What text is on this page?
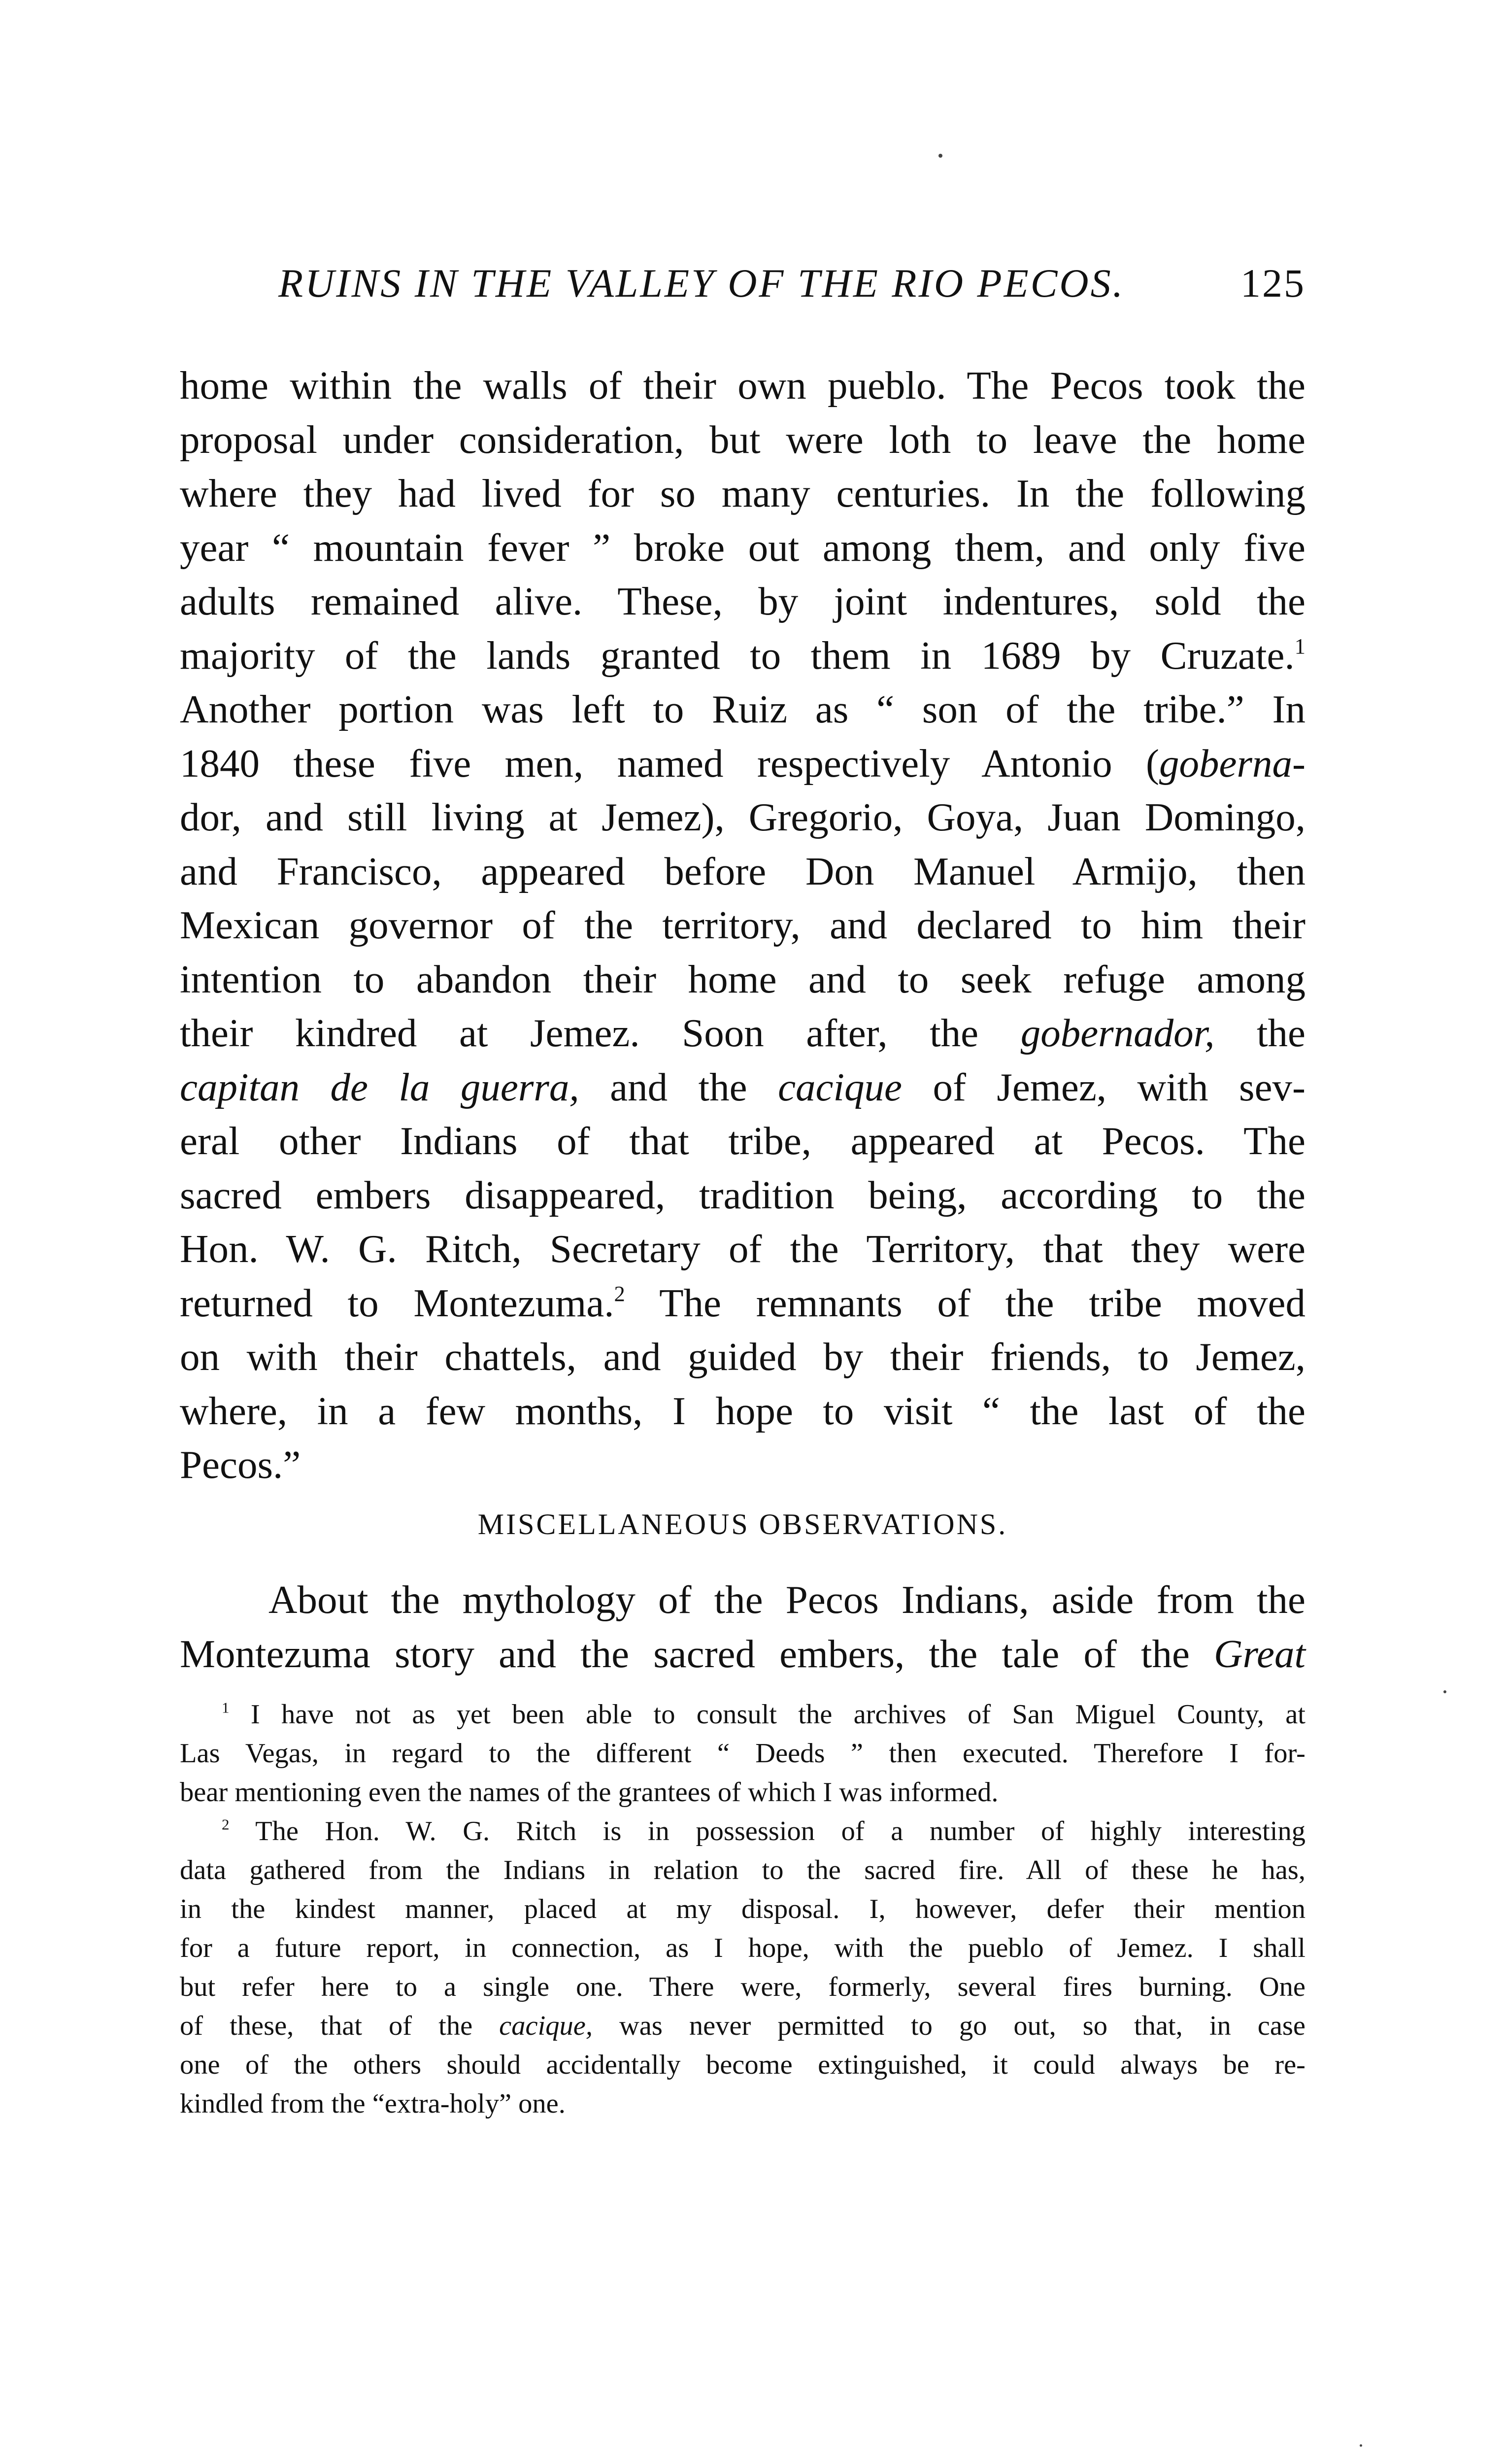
RUINS IN THE VALLEY OF THE RIO PECOS.	125
home within the walls of their own pueblo. The Pecos took the
proposal under consideration, but were loth to leave the home
where they had lived for so many centuries. In the following
year “ mountain fever ” broke out among them, and only five
adults remained alive. These, by joint indentures, sold the
majority of the lands granted to them in 1689 by Cruzate.$^1$
Another portion was left to Ruiz as “ son of the tribe.” In
1840 these five men, named respectively Antonio (goberna-
dor, and still living at Jemez), Gregorio, Goya, Juan Domingo,
and Francisco, appeared before Don Manuel Armijo, then
Mexican governor of the territory, and declared to him their
intention to abandon their home and to seek refuge among
their kindred at Jemez. Soon after, the gobernador, the
capitan de la guerra, and the cacique of Jemez, with sev-
eral other Indians of that tribe, appeared at Pecos. The
sacred embers disappeared, tradition being, according to the
Hon. W. G. Ritch, Secretary of the Territory, that they were
returned to Montezuma.$^2$ The remnants of the tribe moved
on with their chattels, and guided by their friends, to Jemez,
where, in a few months, I hope to visit “ the last of the
Pecos.”
MISCELLANEOUS OBSERVATIONS.
About the mythology of the Pecos Indians, aside from the
Montezuma story and the sacred embers, the tale of the Great
$^1$ I have not as yet been able to consult the archives of San Miguel County, at
Las Vegas, in regard to the different “ Deeds ” then executed. Therefore I for-
bear mentioning even the names of the grantees of which I was informed.
$^2$ The Hon. W. G. Ritch is in possession of a number of highly interesting
data gathered from the Indians in relation to the sacred fire. All of these he has,
in the kindest manner, placed at my disposal. I, however, defer their mention
for a future report, in connection, as I hope, with the pueblo of Jemez. I shall
but refer here to a single one. There were, formerly, several fires burning. One
of these, that of the cacique, was never permitted to go out, so that, in case
one of the others should accidentally become extinguished, it could always be re-
kindled from the “extra-holy” one.
